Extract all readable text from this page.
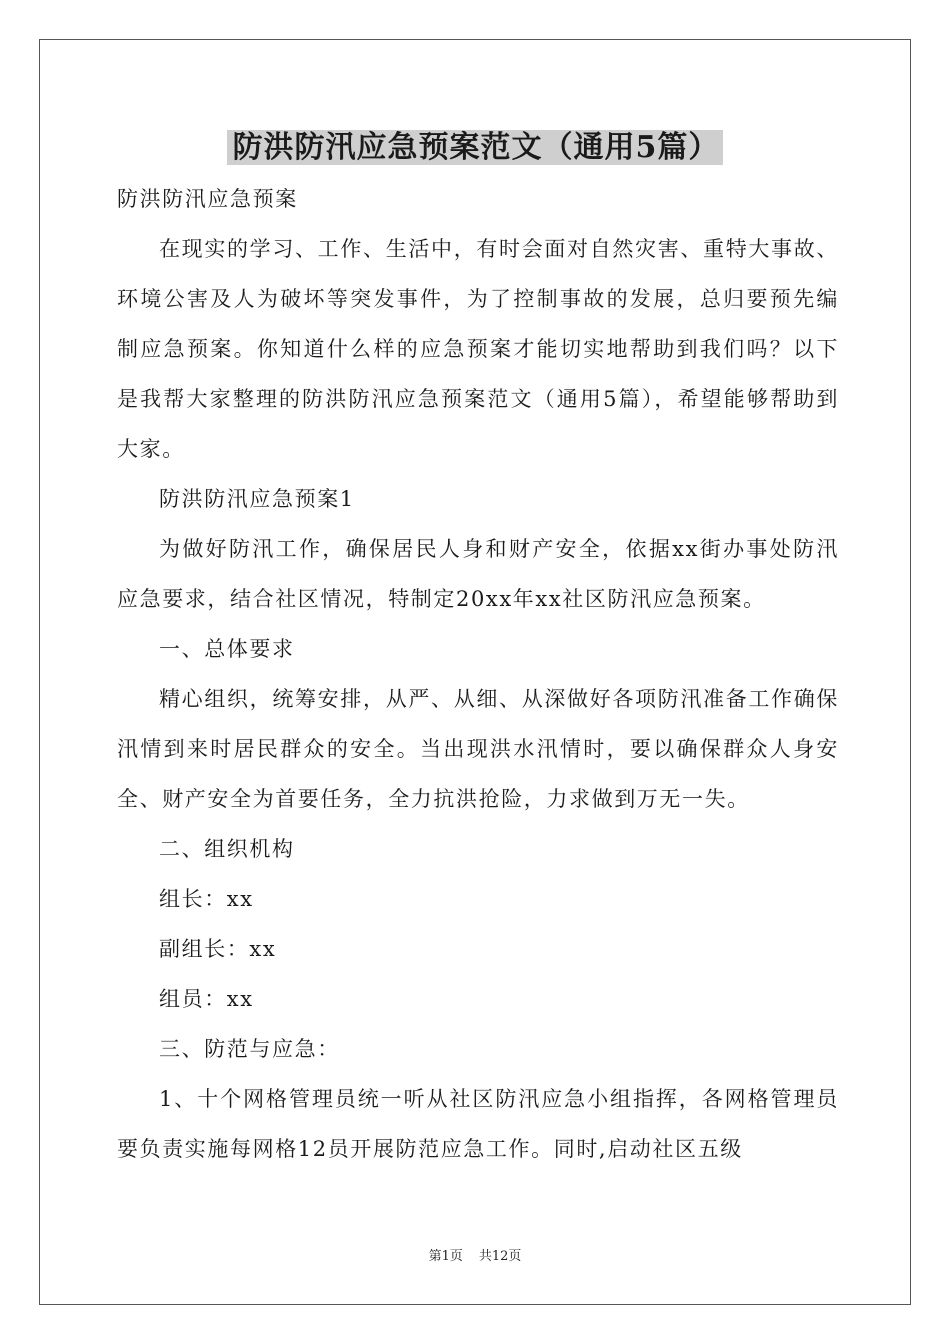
防洪防汛应急预案范文（通用5篇）

防洪防汛应急预案

在现实的学习、工作、生活中，有时会面对自然灾害、重特大事故、环境公害及人为破坏等突发事件，为了控制事故的发展，总归要预先编制应急预案。你知道什么样的应急预案才能切实地帮助到我们吗？以下是我帮大家整理的防洪防汛应急预案范文（通用5篇），希望能够帮助到大家。

防洪防汛应急预案1

为做好防汛工作，确保居民人身和财产安全，依据xx街办事处防汛应急要求，结合社区情况，特制定20xx年xx社区防汛应急预案。

一、总体要求

精心组织，统筹安排，从严、从细、从深做好各项防汛准备工作确保汛情到来时居民群众的安全。当出现洪水汛情时，要以确保群众人身安全、财产安全为首要任务，全力抗洪抢险，力求做到万无一失。

二、组织机构

组长：xx

副组长：xx

组员：xx

三、防范与应急：

1、十个网格管理员统一听从社区防汛应急小组指挥，各网格管理员要负责实施每网格12员开展防范应急工作。同时,启动社区五级

第1页 共12页
